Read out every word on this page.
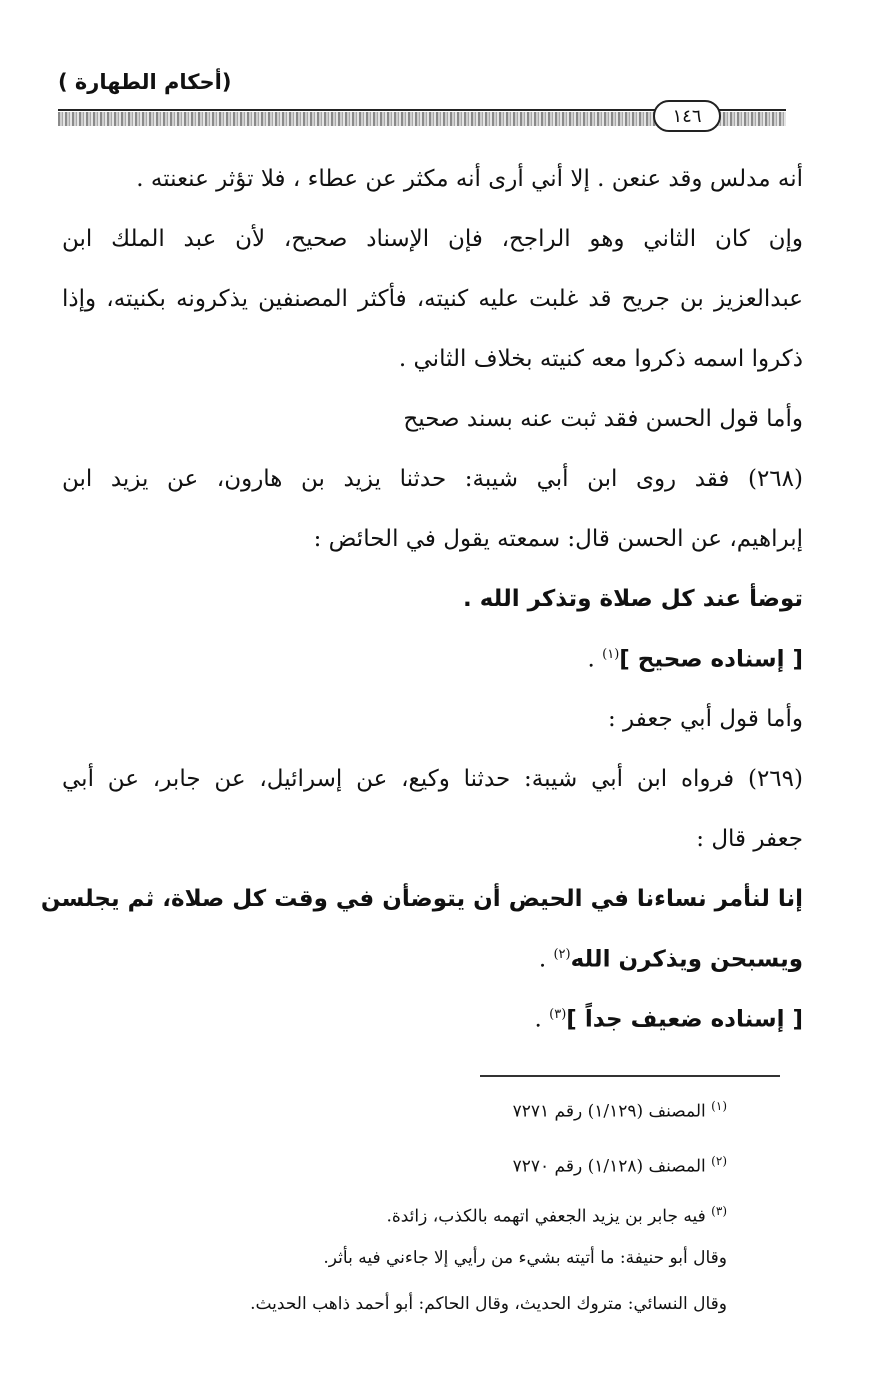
(أحكام الطهارة )
١٤٦
أنه مدلس وقد عنعن . إلا أني أرى أنه مكثر عن عطاء ، فلا تؤثر عنعنته .
وإن كان الثاني وهو الراجح، فإن الإسناد صحيح، لأن عبد الملك ابن
عبدالعزيز بن جريح قد غلبت عليه كنيته، فأكثر المصنفين يذكرونه بكنيته، وإذا
ذكروا اسمه ذكروا معه كنيته بخلاف الثاني .
وأما قول الحسن فقد ثبت عنه بسند صحيح
(٢٦٨) فقد روى ابن أبي شيبة: حدثنا يزيد بن هارون، عن يزيد ابن
إبراهيم، عن الحسن قال: سمعته يقول في الحائض :
توضأ عند كل صلاة وتذكر الله .
[ إسناده صحيح ]$^{(١)}$ .
وأما قول أبي جعفر :
(٢٦٩) فرواه ابن أبي شيبة: حدثنا وكيع، عن إسرائيل، عن جابر، عن أبي
جعفر قال :
إنا لنأمر نساءنا في الحيض أن يتوضأن في وقت كل صلاة، ثم يجلسن
ويسبحن ويذكرن الله$^{(٢)}$ .
[ إسناده ضعيف جداً ]$^{(٣)}$ .
$^{(١)}$ المصنف (١/١٢٩) رقم ٧٢٧١
$^{(٢)}$ المصنف (١/١٢٨) رقم ٧٢٧٠
$^{(٣)}$ فيه جابر بن يزيد الجعفي اتهمه بالكذب، زائدة.
وقال أبو حنيفة: ما أتيته بشيء من رأيي إلا جاءني فيه بأثر.
وقال النسائي: متروك الحديث، وقال الحاكم: أبو أحمد ذاهب الحديث.
